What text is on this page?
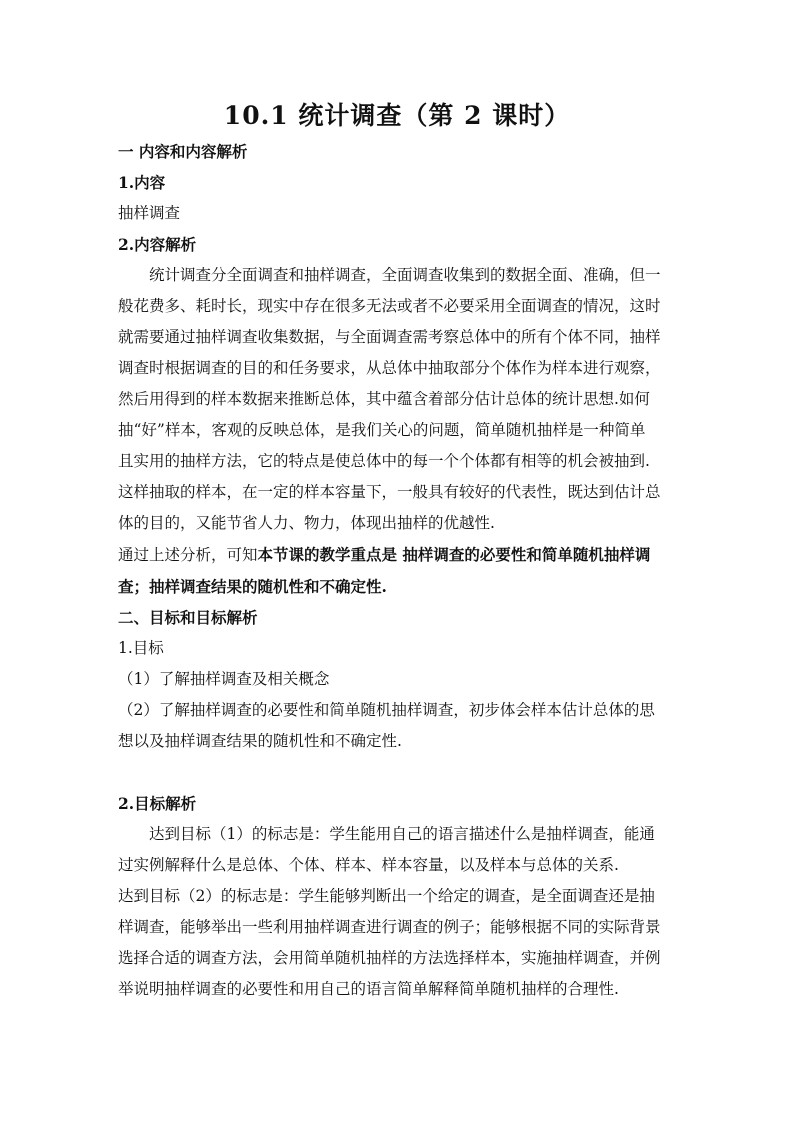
10.1 统计调查（第 2 课时）
一 内容和内容解析
1.内容
抽样调查
2.内容解析
统计调查分全面调查和抽样调查，全面调查收集到的数据全面、准确，但一
般花费多、耗时长，现实中存在很多无法或者不必要采用全面调查的情况，这时
就需要通过抽样调查收集数据，与全面调查需考察总体中的所有个体不同，抽样
调查时根据调查的目的和任务要求，从总体中抽取部分个体作为样本进行观察，
然后用得到的样本数据来推断总体，其中蕴含着部分估计总体的统计思想.如何
抽“好”样本，客观的反映总体，是我们关心的问题，简单随机抽样是一种简单
且实用的抽样方法，它的特点是使总体中的每一个个体都有相等的机会被抽到.
这样抽取的样本，在一定的样本容量下，一般具有较好的代表性，既达到估计总
体的目的，又能节省人力、物力，体现出抽样的优越性.
通过上述分析，可知本节课的教学重点是 抽样调查的必要性和简单随机抽样调
查；抽样调查结果的随机性和不确定性.
二、目标和目标解析
1.目标
（1）了解抽样调查及相关概念
（2）了解抽样调查的必要性和简单随机抽样调查，初步体会样本估计总体的思
想以及抽样调查结果的随机性和不确定性.
2.目标解析
达到目标（1）的标志是：学生能用自己的语言描述什么是抽样调查，能通
过实例解释什么是总体、个体、样本、样本容量，以及样本与总体的关系.
达到目标（2）的标志是：学生能够判断出一个给定的调查，是全面调查还是抽
样调查，能够举出一些利用抽样调查进行调查的例子；能够根据不同的实际背景
选择合适的调查方法，会用简单随机抽样的方法选择样本，实施抽样调查，并例
举说明抽样调查的必要性和用自己的语言简单解释简单随机抽样的合理性.
